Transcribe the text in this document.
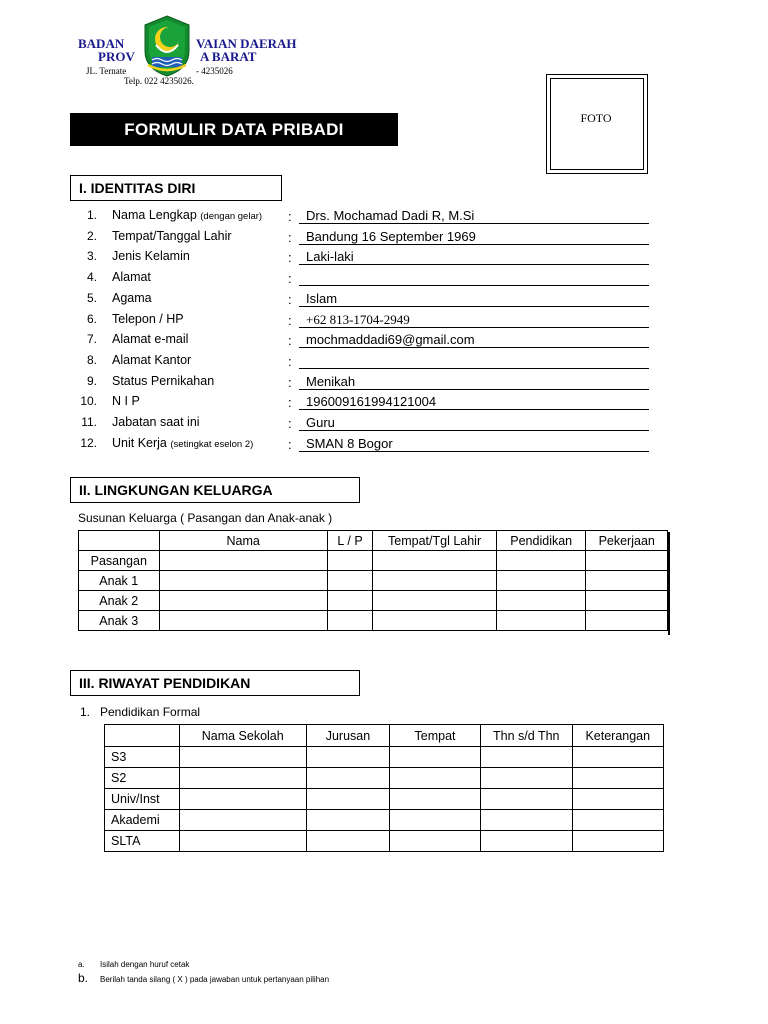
BADAN	VAIAN DAERAH
PROV	A BARAT
JL. Ternate	- 4235026
Telp. 022 4235026.
FORMULIR DATA PRIBADI
FOTO
I. IDENTITAS DIRI
1. Nama Lengkap (dengan gelar) : Drs. Mochamad Dadi R, M.Si
2. Tempat/Tanggal Lahir	: Bandung 16 September 1969
3. Jenis Kelamin	: Laki-laki
4. Alamat	:
5. Agama	: Islam
6. Telepon / HP	: +62 813-1704-2949
7. Alamat e-mail	: mochmaddadi69@gmail.com
8. Alamat Kantor	:
9. Status Pernikahan	: Menikah
10. N I P	: 196009161994121004
11. Jabatan saat ini	: Guru
12. Unit Kerja (setingkat eselon 2)	: SMAN 8 Bogor
II. LINGKUNGAN KELUARGA
Susunan Keluarga ( Pasangan dan Anak-anak )
	Nama	L / P	Tempat/Tgl Lahir	Pendidikan	Pekerjaan
Pasangan					
Anak 1					
Anak 2					
Anak 3					
III. RIWAYAT PENDIDIKAN
1. Pendidikan Formal
	Nama Sekolah	Jurusan	Tempat	Thn s/d Thn	Keterangan
S3					
S2					
Univ/Inst					
Akademi					
SLTA					
a. Isilah dengan huruf cetak
b. Berilah tanda silang ( X ) pada jawaban untuk pertanyaan pilihan
